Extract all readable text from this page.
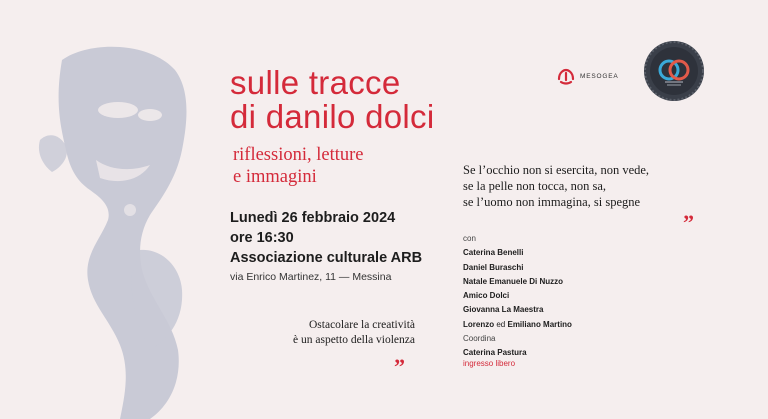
sulle tracce
di danilo dolci
riflessioni, letture
e immagini
Lunedì 26 febbraio 2024
ore 16:30
Associazione culturale ARB
via Enrico Martinez, 11 — Messina
Ostacolare la creatività
è un aspetto della violenza
”
Se l’occhio non si esercita, non vede,
se la pelle non tocca, non sa,
se l’uomo non immagina, si spegne
”
con
Caterina Benelli
Daniel Buraschi
Natale Emanuele Di Nuzzo
Amico Dolci
Giovanna La Maestra
Lorenzo ed Emiliano Martino
Coordina
Caterina Pastura
ingresso libero
MESOGEA
